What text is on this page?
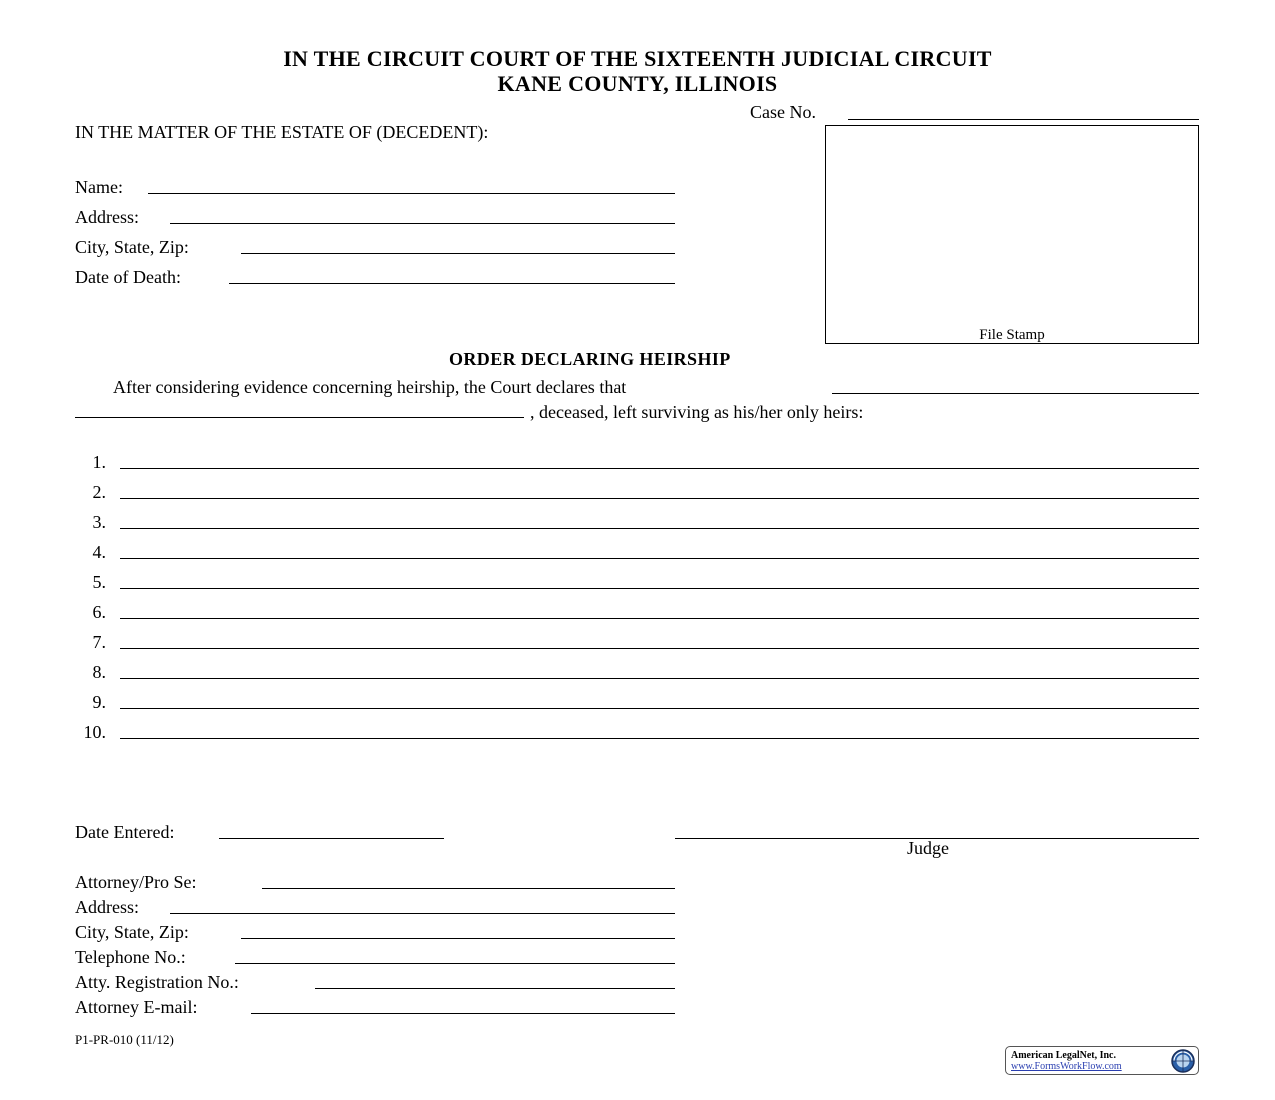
IN THE CIRCUIT COURT OF THE SIXTEENTH JUDICIAL CIRCUIT
KANE COUNTY, ILLINOIS
Case No.
IN THE MATTER OF THE ESTATE OF (DECEDENT):
Name:
Address:
City, State, Zip:
Date of Death:
File Stamp
ORDER DECLARING HEIRSHIP
After considering evidence concerning heirship, the Court declares that
, deceased, left surviving as his/her only heirs:
1.
2.
3.
4.
5.
6.
7.
8.
9.
10.
Date Entered:
Judge
Attorney/Pro Se:
Address:
City, State, Zip:
Telephone No.:
Atty. Registration No.:
Attorney E-mail:
P1-PR-010 (11/12)
American LegalNet, Inc.
www.FormsWorkFlow.com
